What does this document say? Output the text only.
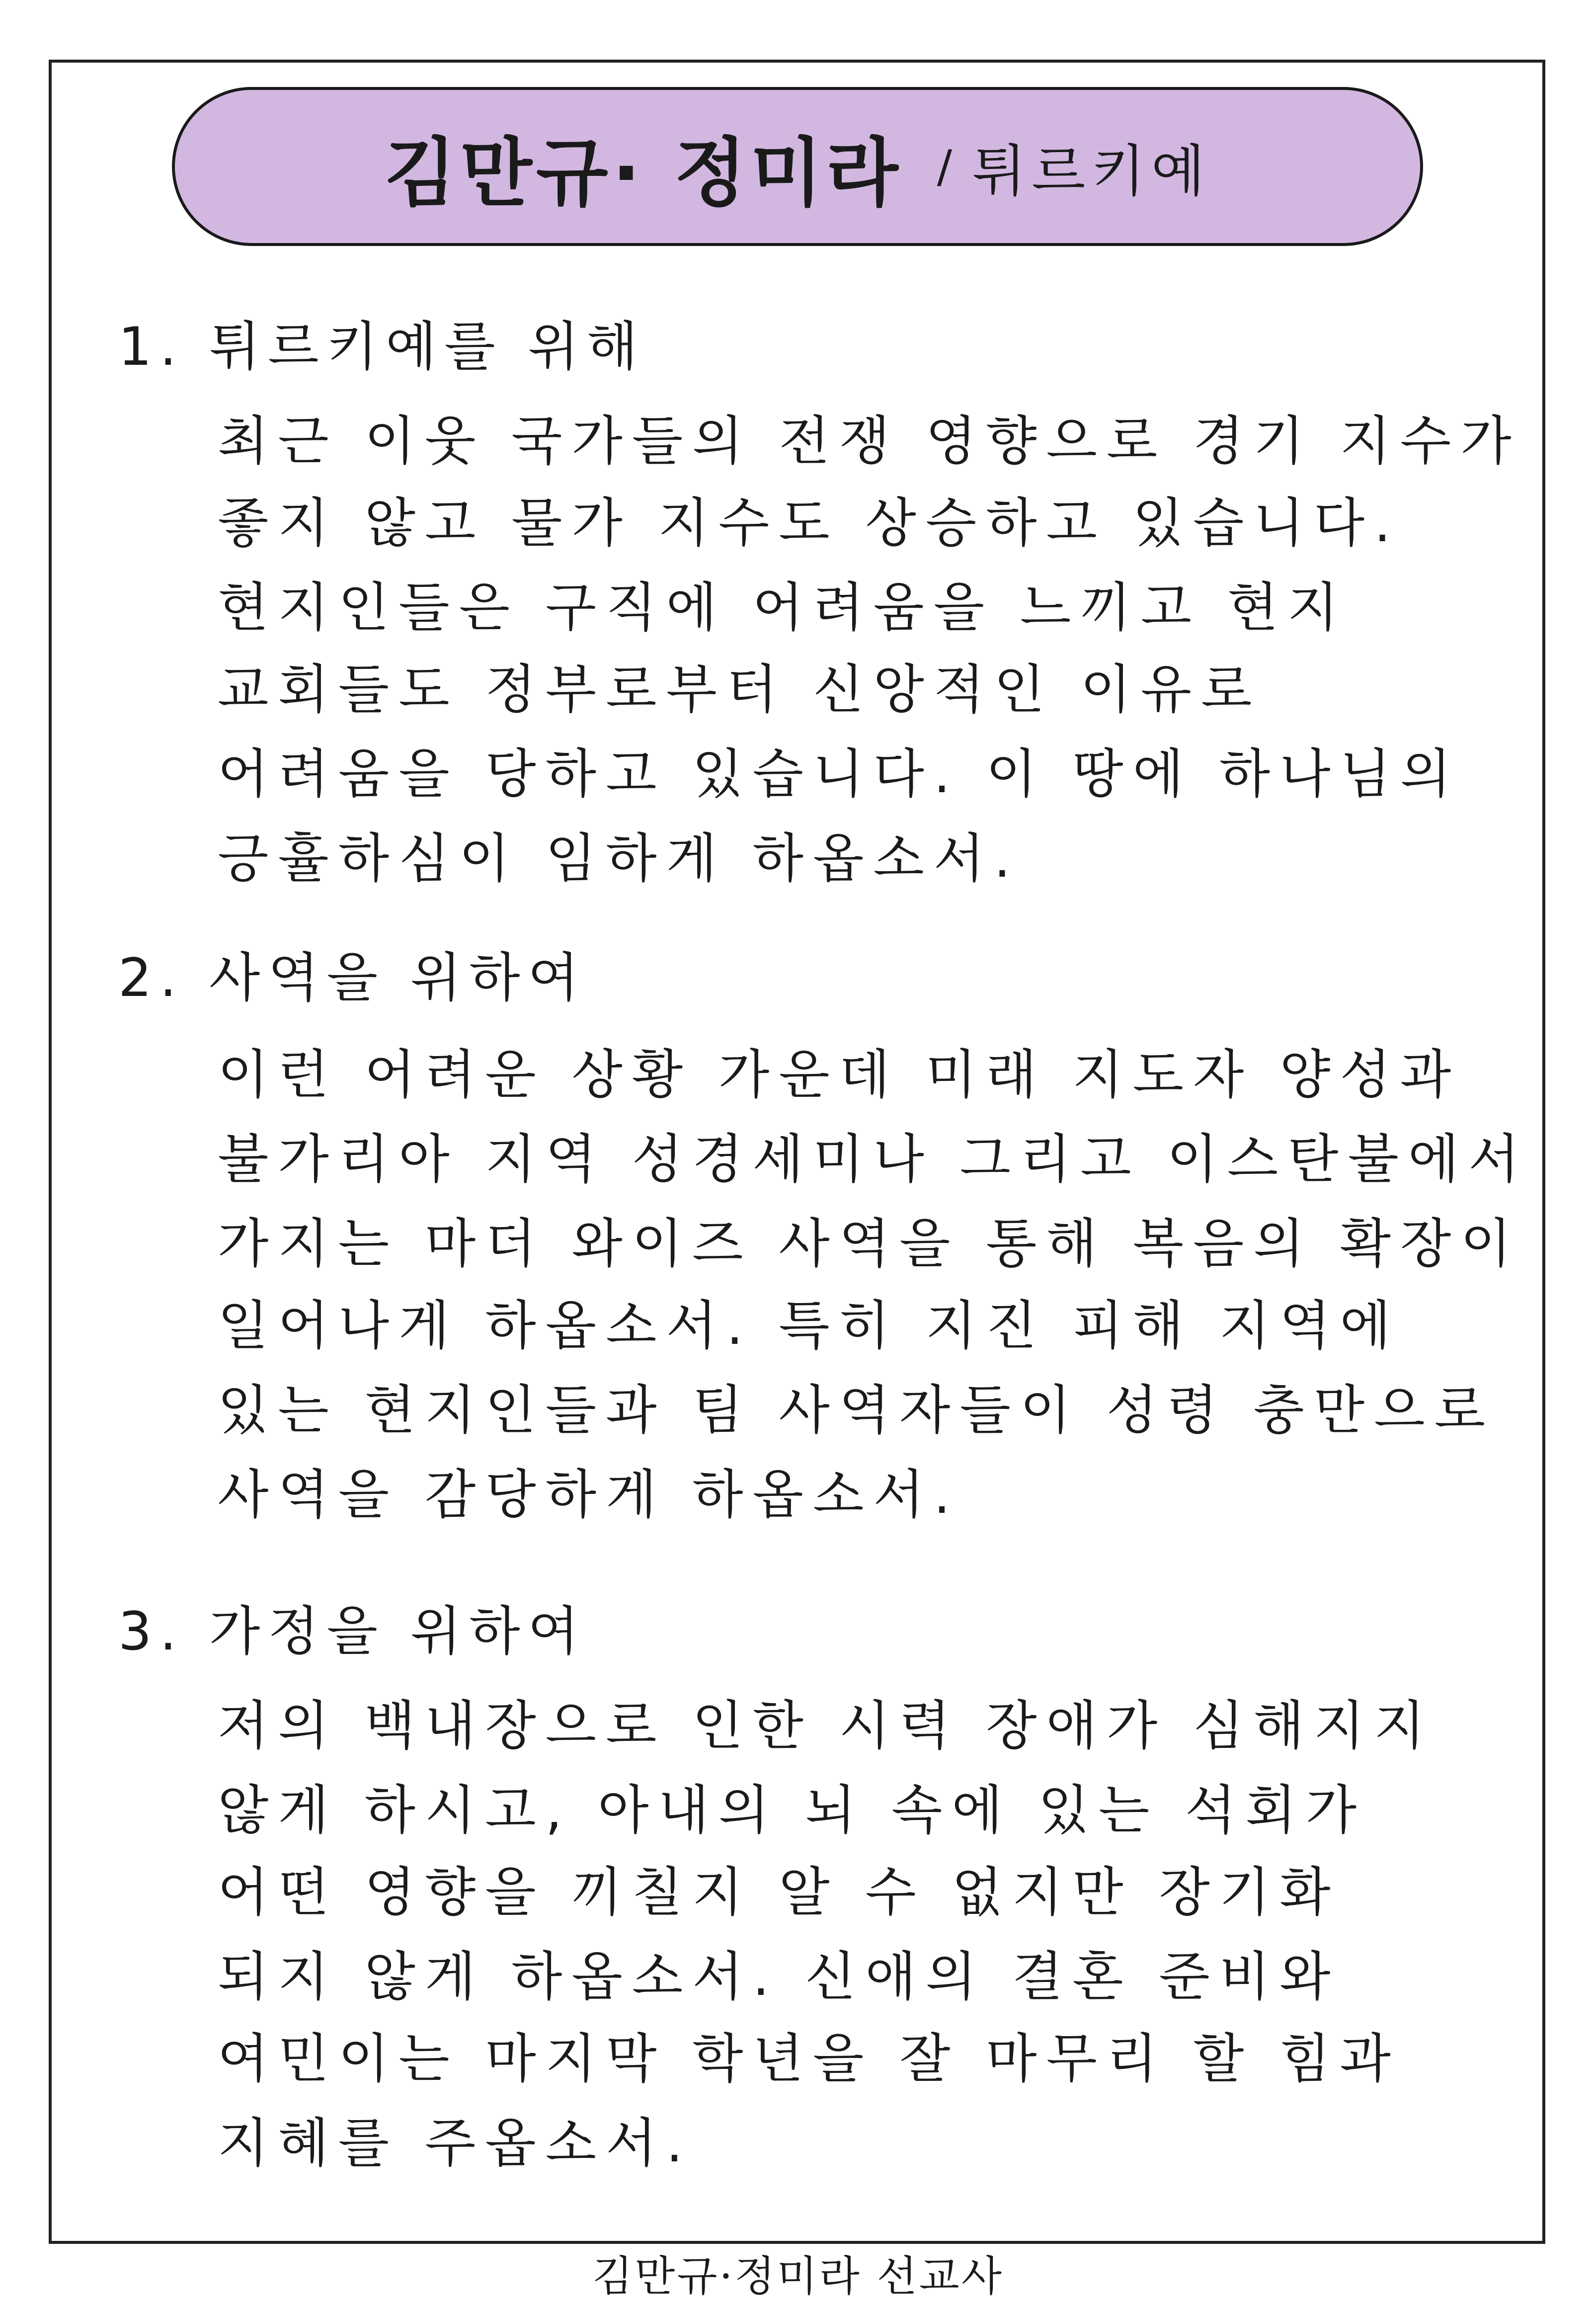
김만규· 정미라 / 튀르키예
1. 튀르키예를 위해
최근 이웃 국가들의 전쟁 영향으로 경기 지수가
좋지 않고 물가 지수도 상승하고 있습니다.
현지인들은 구직에 어려움을 느끼고 현지
교회들도 정부로부터 신앙적인 이유로
어려움을 당하고 있습니다. 이 땅에 하나님의
긍휼하심이 임하게 하옵소서.
2. 사역을 위하여
이런 어려운 상황 가운데 미래 지도자 양성과
불가리아 지역 성경세미나 그리고 이스탄불에서
가지는 마더 와이즈 사역을 통해 복음의 확장이
일어나게 하옵소서. 특히 지진 피해 지역에
있는 현지인들과 팀 사역자들이 성령 충만으로
사역을 감당하게 하옵소서.
3. 가정을 위하여
저의 백내장으로 인한 시력 장애가 심해지지
않게 하시고, 아내의 뇌 속에 있는 석회가
어떤 영향을 끼칠지 알 수 없지만 장기화
되지 않게 하옵소서. 신애의 결혼 준비와
여민이는 마지막 학년을 잘 마무리 할 힘과
지혜를 주옵소서.
김만규·정미라 선교사
